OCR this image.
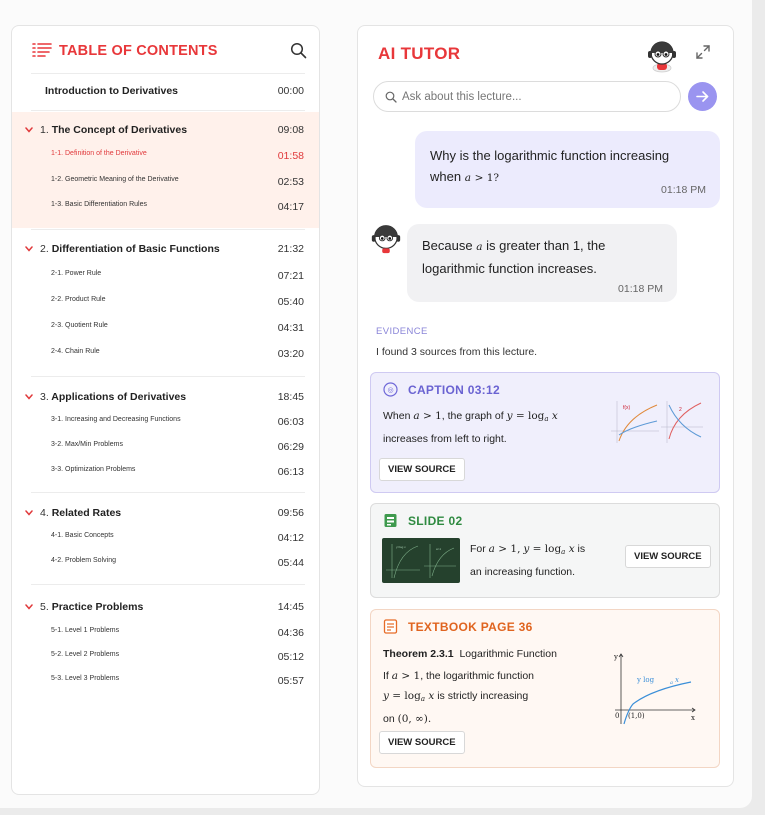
TABLE OF CONTENTS
Introduction to Derivatives	00:00
1. The Concept of Derivatives	09:08
1-1. Definition of the Derivative	01:58
1-2. Geometric Meaning of the Derivative	02:53
1-3. Basic Differentiation Rules	04:17
2. Differentiation of Basic Functions	21:32
2-1. Power Rule	07:21
2-2. Product Rule	05:40
2-3. Quotient Rule	04:31
2-4. Chain Rule	03:20
3. Applications of Derivatives	18:45
3-1. Increasing and Decreasing Functions	06:03
3-2. Max/Min Problems	06:29
3-3. Optimization Problems	06:13
4. Related Rates	09:56
4-1. Basic Concepts	04:12
4-2. Problem Solving	05:44
5. Practice Problems	14:45
5-1. Level 1 Problems	04:36
5-2. Level 2 Problems	05:12
5-3. Level 3 Problems	05:57
AI TUTOR
Ask about this lecture...
Why is the logarithmic function increasing when a > 1?
01:18 PM
Because a is greater than 1, the logarithmic function increases.
01:18 PM
EVIDENCE
I found 3 sources from this lecture.
◎ CAPTION 03:12
When a > 1, the graph of $y = \log_a x$
increases from left to right.
f(x)	2
VIEW SOURCE
SLIDE 02
y=log x	a>1	For a > 1, $y = \log_a x$ is
an increasing function.
VIEW SOURCE
TEXTBOOK PAGE 36
Theorem 2.3.1 Logarithmic Function
If a > 1, the logarithmic function
$y = \log_a x$ is strictly increasing
on (0, ∞).
y
x
0 (1,0)
y log	a x
VIEW SOURCE
